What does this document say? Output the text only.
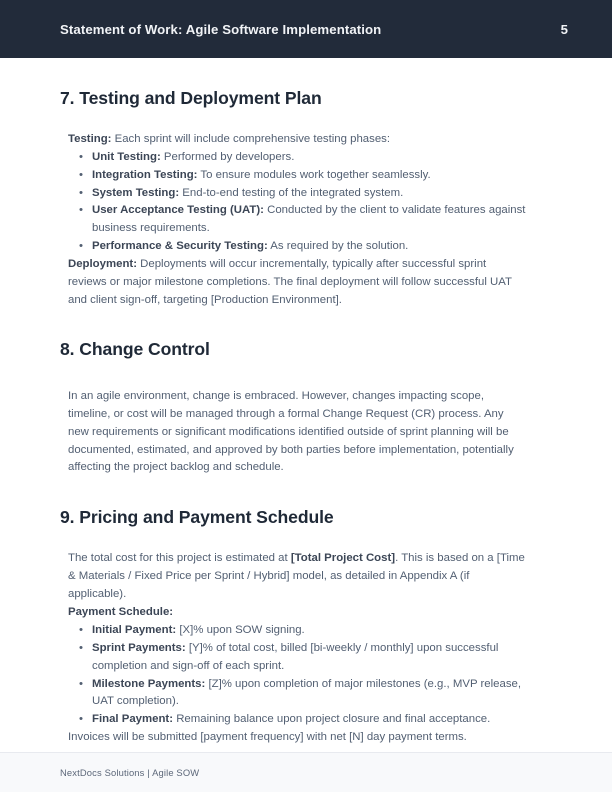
Statement of Work: Agile Software Implementation	5
7. Testing and Deployment Plan

Testing: Each sprint will include comprehensive testing phases:

• Unit Testing: Performed by developers.
• Integration Testing: To ensure modules work together seamlessly.
• System Testing: End-to-end testing of the integrated system.
• User Acceptance Testing (UAT): Conducted by the client to validate features against business requirements.
• Performance & Security Testing: As required by the solution.

Deployment: Deployments will occur incrementally, typically after successful sprint reviews or major milestone completions. The final deployment will follow successful UAT and client sign-off, targeting [Production Environment].

8. Change Control

In an agile environment, change is embraced. However, changes impacting scope, timeline, or cost will be managed through a formal Change Request (CR) process. Any new requirements or significant modifications identified outside of sprint planning will be documented, estimated, and approved by both parties before implementation, potentially affecting the project backlog and schedule.

9. Pricing and Payment Schedule

The total cost for this project is estimated at [Total Project Cost]. This is based on a [Time & Materials / Fixed Price per Sprint / Hybrid] model, as detailed in Appendix A (if applicable).

Payment Schedule:

• Initial Payment: [X]% upon SOW signing.
• Sprint Payments: [Y]% of total cost, billed [bi-weekly / monthly] upon successful completion and sign-off of each sprint.
• Milestone Payments: [Z]% upon completion of major milestones (e.g., MVP release, UAT completion).
• Final Payment: Remaining balance upon project closure and final acceptance.

Invoices will be submitted [payment frequency] with net [N] day payment terms.

NextDocs Solutions | Agile SOW
